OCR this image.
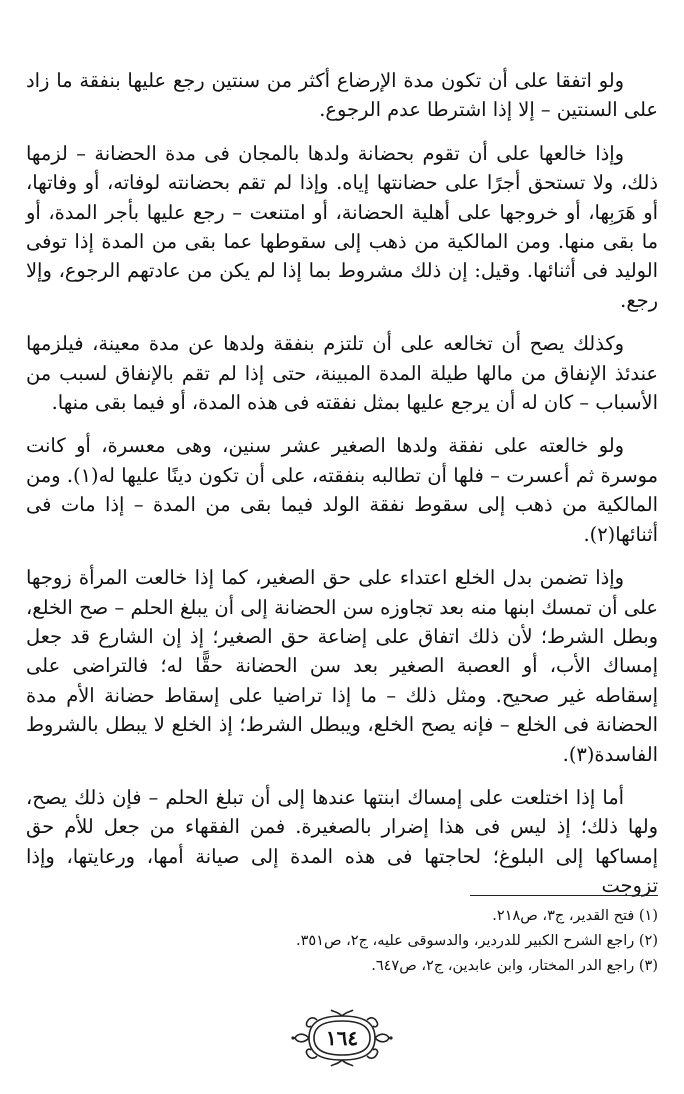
ولو اتفقا على أن تكون مدة الإرضاع أكثر من سنتين رجع عليها بنفقة ما زاد على السنتين – إلا إذا اشترطا عدم الرجوع.

وإذا خالعها على أن تقوم بحضانة ولدها بالمجان فى مدة الحضانة – لزمها ذلك، ولا تستحق أجرًا على حضانتها إياه. وإذا لم تقم بحضانته لوفاته، أو وفاتها، أو هَرَبِها، أو خروجها على أهلية الحضانة، أو امتنعت – رجع عليها بأجر المدة، أو ما بقى منها. ومن المالكية من ذهب إلى سقوطها عما بقى من المدة إذا توفى الوليد فى أثنائها. وقيل: إن ذلك مشروط بما إذا لم يكن من عادتهم الرجوع، وإلا رجع.

وكذلك يصح أن تخالعه على أن تلتزم بنفقة ولدها عن مدة معينة، فيلزمها عندئذ الإنفاق من مالها طيلة المدة المبينة، حتى إذا لم تقم بالإنفاق لسبب من الأسباب – كان له أن يرجع عليها بمثل نفقته فى هذه المدة، أو فيما بقى منها.

ولو خالعته على نفقة ولدها الصغير عشر سنين، وهى معسرة، أو كانت موسرة ثم أعسرت – فلها أن تطالبه بنفقته، على أن تكون دينًا عليها له(١). ومن المالكية من ذهب إلى سقوط نفقة الولد فيما بقى من المدة – إذا مات فى أثنائها(٢).

وإذا تضمن بدل الخلع اعتداء على حق الصغير، كما إذا خالعت المرأة زوجها على أن تمسك ابنها منه بعد تجاوزه سن الحضانة إلى أن يبلغ الحلم – صح الخلع، وبطل الشرط؛ لأن ذلك اتفاق على إضاعة حق الصغير؛ إذ إن الشارع قد جعل إمساك الأب، أو العصبة الصغير بعد سن الحضانة حقًّا له؛ فالتراضى على إسقاطه غير صحيح. ومثل ذلك – ما إذا تراضيا على إسقاط حضانة الأم مدة الحضانة فى الخلع – فإنه يصح الخلع، ويبطل الشرط؛ إذ الخلع لا يبطل بالشروط الفاسدة(٣).

أما إذا اختلعت على إمساك ابنتها عندها إلى أن تبلغ الحلم – فإن ذلك يصح، ولها ذلك؛ إذ ليس فى هذا إضرار بالصغيرة. فمن الفقهاء من جعل للأم حق إمساكها إلى البلوغ؛ لحاجتها فى هذه المدة إلى صيانة أمها، ورعايتها، وإذا تزوجت

(١) فتح القدير، ج٣، ص٢١٨.

(٢) راجع الشرح الكبير للدردير، والدسوقى عليه، ج٢، ص٣٥١.

(٣) راجع الدر المختار، وابن عابدين، ج٢، ص٦٤٧.

١٦٤
